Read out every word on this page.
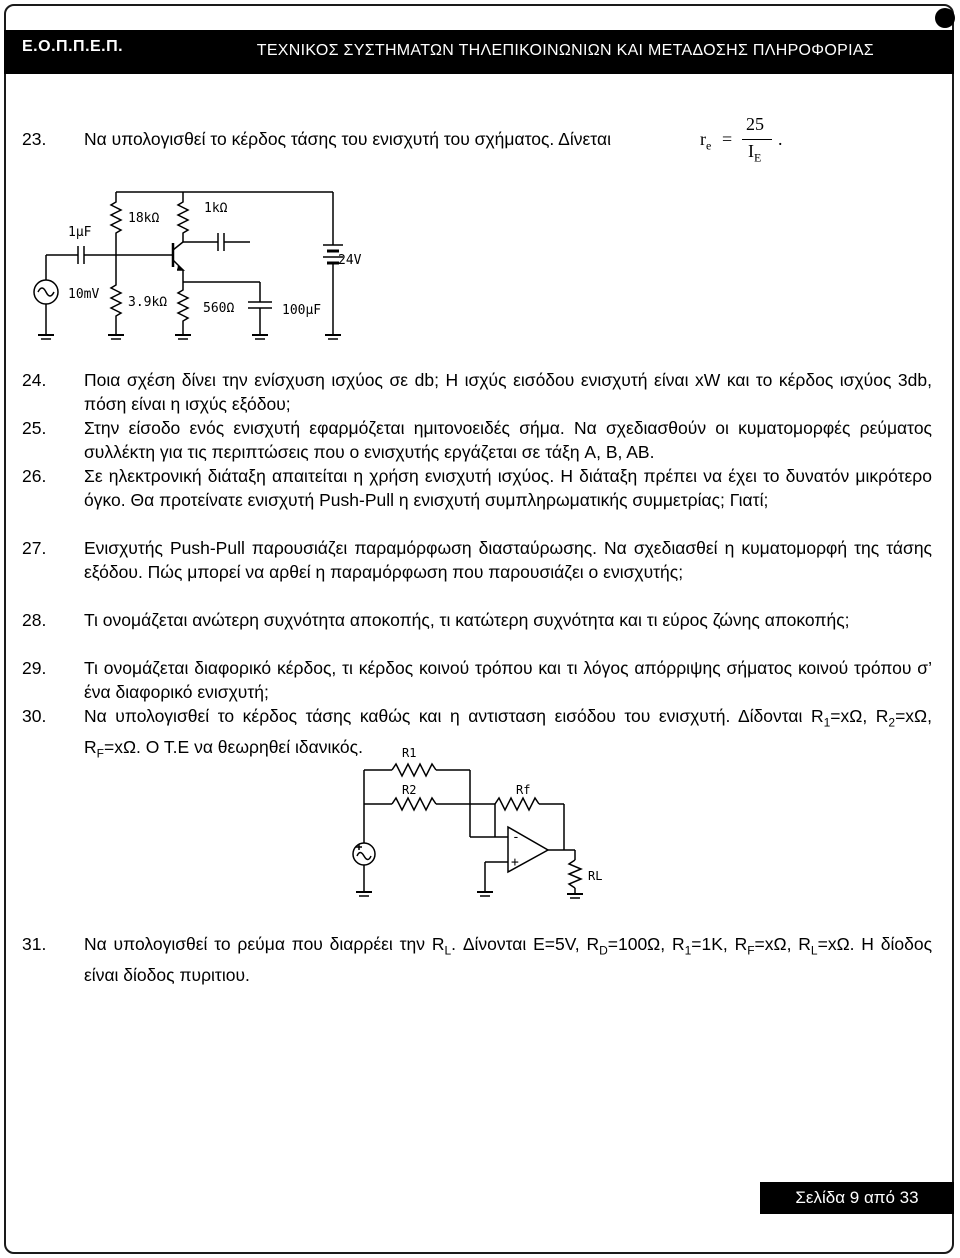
Ε.Ο.Π.Π.Ε.Π.	ΤΕΧΝΙΚΟΣ ΣΥΣΤΗΜΑΤΩΝ ΤΗΛΕΠΙΚΟΙΝΩΝΙΩΝ ΚΑΙ ΜΕΤΑΔΟΣΗΣ ΠΛΗΡΟΦΟΡΙΑΣ
23. Να υπολογισθεί το κέρδος τάσης του ενισχυτή του σχήματος. Δίνεται	$r_e$ =
25
$I_E$
.
1μF
18kΩ
1kΩ
24V
10mV
3.9kΩ	560Ω	100μF
24. Ποια σχέση δίνει την ενίσχυση ισχύος σε db; Η ισχύς εισόδου ενισχυτή είναι xW και το κέρδος ισχύος 3db, πόση είναι η ισχύς εξόδου;
25. Στην είσοδο ενός ενισχυτή εφαρμόζεται ημιτονοειδές σήμα. Να σχεδιασθούν οι κυματομορφές ρεύματος συλλέκτη για τις περιπτώσεις που ο ενισχυτής εργάζεται σε τάξη A, B, AB.
26. Σε ηλεκτρονική διάταξη απαιτείται η χρήση ενισχυτή ισχύος. Η διάταξη πρέπει να έχει το δυνατόν μικρότερο όγκο. Θα προτείνατε ενισχυτή Push-Pull η ενισχυτή συμπληρωματικής συμμετρίας; Γιατί;
27. Ενισχυτής Push-Pull παρουσιάζει παραμόρφωση διασταύρωσης. Να σχεδιασθεί η κυματομορφή της τάσης εξόδου. Πώς μπορεί να αρθεί η παραμόρφωση που παρουσιάζει ο ενισχυτής;
28. Τι ονομάζεται ανώτερη συχνότητα αποκοπής, τι κατώτερη συχνότητα και τι εύρος ζώνης αποκοπής;
29. Τι ονομάζεται διαφορικό κέρδος, τι κέρδος κοινού τρόπου και τι λόγος απόρριψης σήματος κοινού τρόπου σ’ ένα διαφορικό ενισχυτή;
30. Να υπολογισθεί το κέρδος τάσης καθώς και η αντισταση εισόδου του ενισχυτή. Δίδονται $R_1=x\Omega$, $R_2=x\Omega$, $R_F=x\Omega$. Ο Τ.Ε να θεωρηθεί ιδανικός.	R1
R2	Rf
RL
-
+
31. Να υπολογισθεί το ρεύμα που διαρρέει την $R_L$. Δίνονται E=5V, $R_D=100\Omega$, $R_1=1K$, $R_F=x\Omega$, $R_L=x\Omega$. Η δίοδος είναι δίοδος πυριτιου.
Σελίδα 9 από 33
